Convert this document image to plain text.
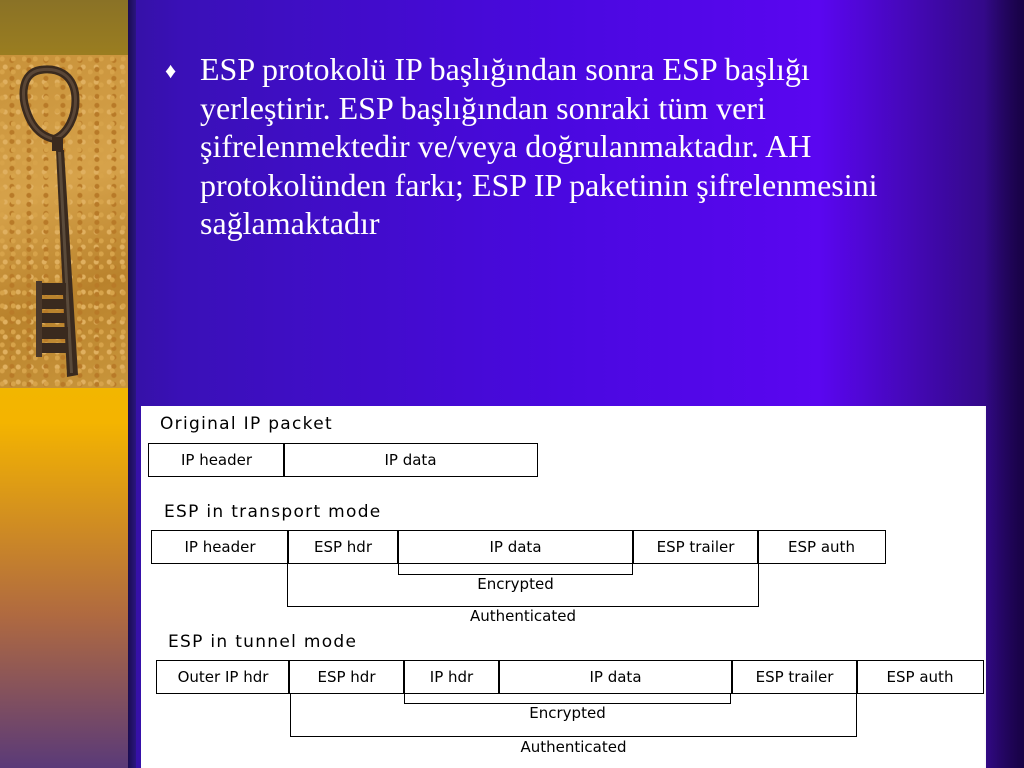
♦ ESP protokolü IP başlığından sonra ESP başlığı yerleştirir. ESP başlığından sonraki tüm veri şifrelenmektedir ve/veya doğrulanmaktadır. AH protokolünden farkı; ESP IP paketinin şifrelenmesini sağlamaktadır
Original IP packet
IP header	IP data
ESP in transport mode
IP header	ESP hdr	IP data	ESP trailer	ESP auth
Encrypted
Authenticated
ESP in tunnel mode
Outer IP hdr	ESP hdr	IP hdr	IP data	ESP trailer	ESP auth
Encrypted
Authenticated
